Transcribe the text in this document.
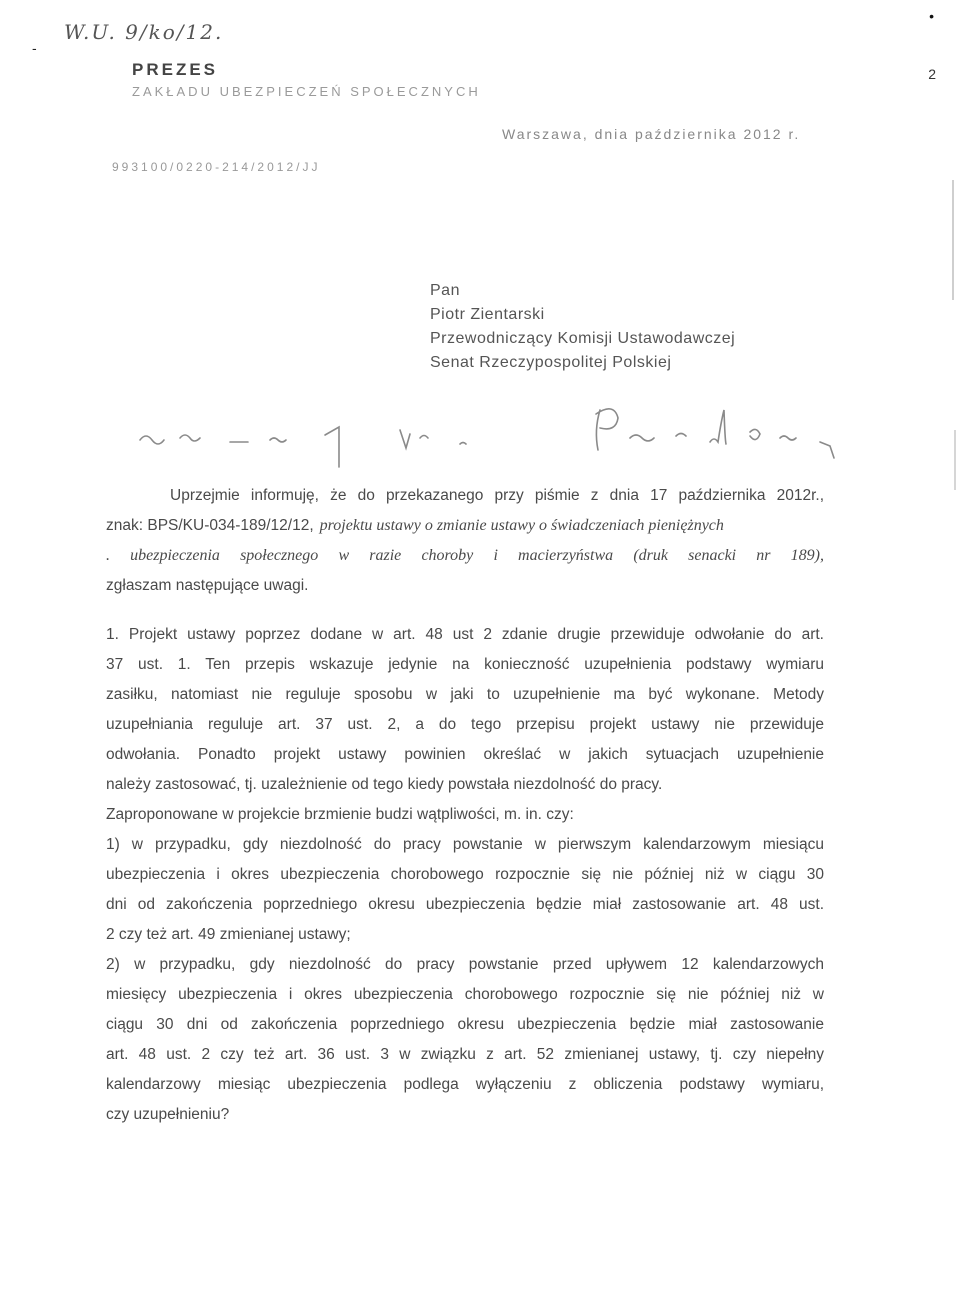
•
-
W.U. 9/ko/12.
PREZES
ZAKŁADU UBEZPIECZEŃ SPOŁECZNYCH
2
Warszawa, dnia października 2012 r.
993100/0220-214/2012/JJ
Pan
Piotr Zientarski
Przewodniczący Komisji Ustawodawczej
Senat Rzeczypospolitej Polskiej
Uprzejmie informuję, że do przekazanego przy piśmie z dnia 17 października 2012r.,
znak: BPS/KU-034-189/12/12, projektu ustawy o zmianie ustawy o świadczeniach pieniężnych
. ubezpieczenia społecznego w razie choroby i macierzyństwa (druk senacki nr 189),
zgłaszam następujące uwagi.
1. Projekt ustawy poprzez dodane w art. 48 ust 2 zdanie drugie przewiduje odwołanie do art.
37 ust. 1. Ten przepis wskazuje jedynie na konieczność uzupełnienia podstawy wymiaru
zasiłku, natomiast nie reguluje sposobu w jaki to uzupełnienie ma być wykonane. Metody
uzupełniania reguluje art. 37 ust. 2, a do tego przepisu projekt ustawy nie przewiduje
odwołania. Ponadto projekt ustawy powinien określać w jakich sytuacjach uzupełnienie
należy zastosować, tj. uzależnienie od tego kiedy powstała niezdolność do pracy.
Zaproponowane w projekcie brzmienie budzi wątpliwości, m. in. czy:
1) w przypadku, gdy niezdolność do pracy powstanie w pierwszym kalendarzowym miesiącu
ubezpieczenia i okres ubezpieczenia chorobowego rozpocznie się nie później niż w ciągu 30
dni od zakończenia poprzedniego okresu ubezpieczenia będzie miał zastosowanie art. 48 ust.
2 czy też art. 49 zmienianej ustawy;
2) w przypadku, gdy niezdolność do pracy powstanie przed upływem 12 kalendarzowych
miesięcy ubezpieczenia i okres ubezpieczenia chorobowego rozpocznie się nie później niż w
ciągu 30 dni od zakończenia poprzedniego okresu ubezpieczenia będzie miał zastosowanie
art. 48 ust. 2 czy też art. 36 ust. 3 w związku z art. 52 zmienianej ustawy, tj. czy niepełny
kalendarzowy miesiąc ubezpieczenia podlega wyłączeniu z obliczenia podstawy wymiaru,
czy uzupełnieniu?
